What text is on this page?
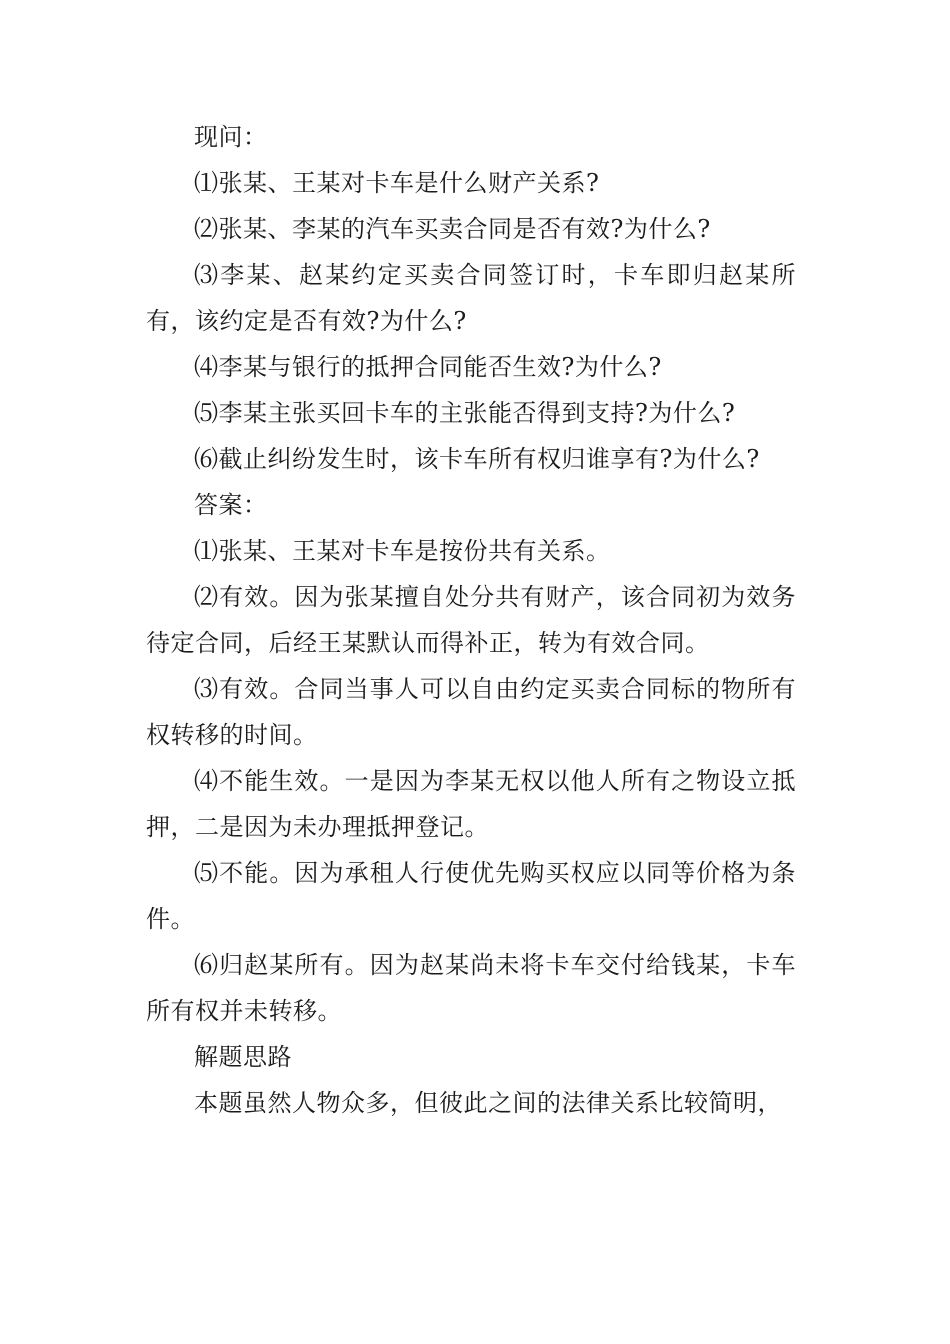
现问：

⑴张某、王某对卡车是什么财产关系?

⑵张某、李某的汽车买卖合同是否有效?为什么?

⑶李某、赵某约定买卖合同签订时，卡车即归赵某所有，该约定是否有效?为什么?

⑷李某与银行的抵押合同能否生效?为什么?

⑸李某主张买回卡车的主张能否得到支持?为什么?

⑹截止纠纷发生时，该卡车所有权归谁享有?为什么?

答案：

⑴张某、王某对卡车是按份共有关系。

⑵有效。因为张某擅自处分共有财产，该合同初为效务待定合同，后经王某默认而得补正，转为有效合同。

⑶有效。合同当事人可以自由约定买卖合同标的物所有权转移的时间。

⑷不能生效。一是因为李某无权以他人所有之物设立抵押，二是因为未办理抵押登记。

⑸不能。因为承租人行使优先购买权应以同等价格为条件。

⑹归赵某所有。因为赵某尚未将卡车交付给钱某，卡车所有权并未转移。

解题思路

本题虽然人物众多，但彼此之间的法律关系比较简明，
